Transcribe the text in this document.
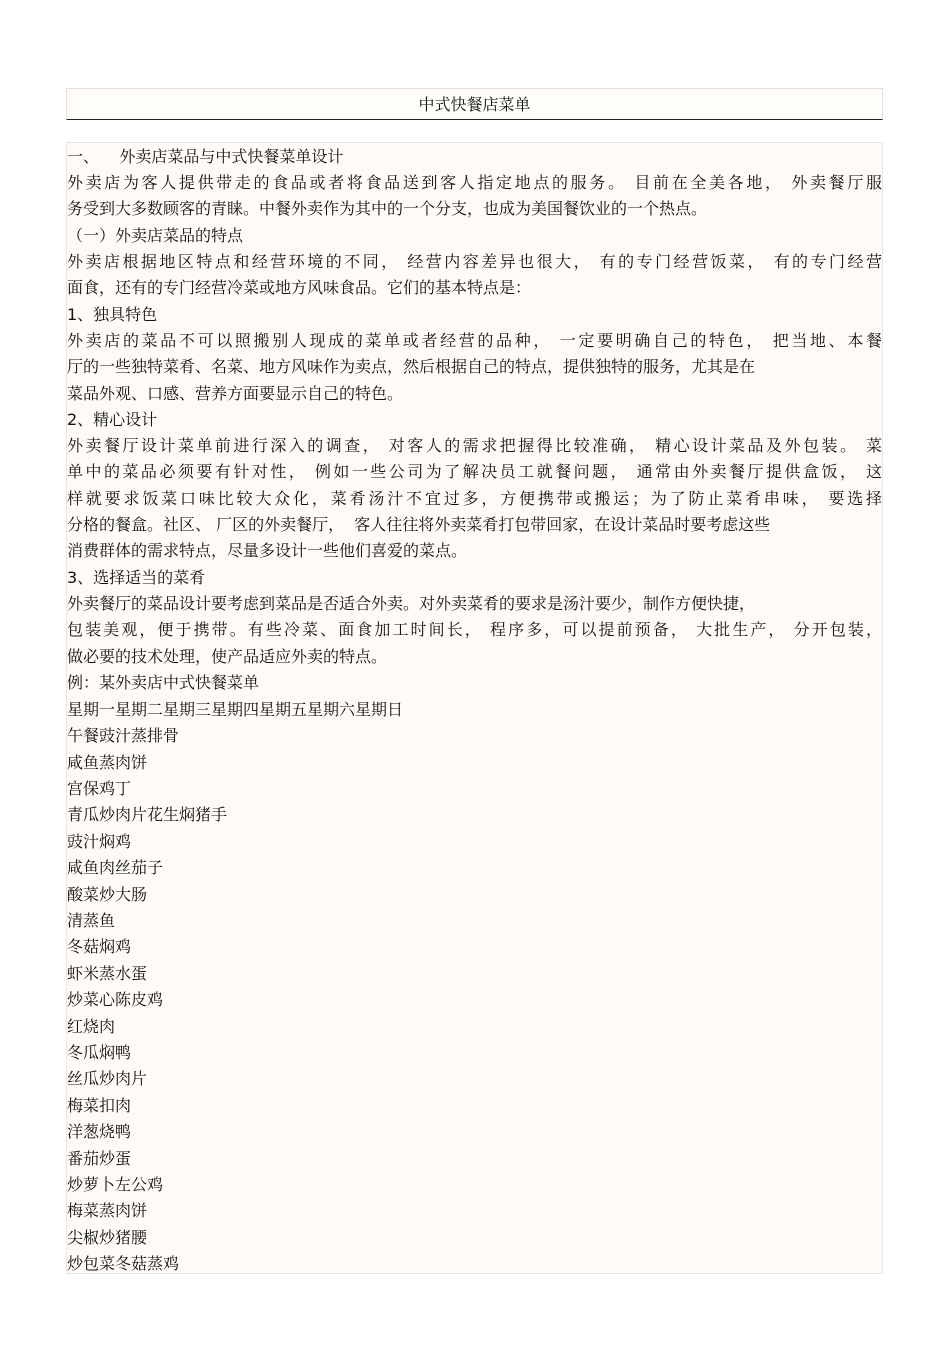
中式快餐店菜单
一、    外卖店菜品与中式快餐菜单设计
外卖店为客人提供带走的食品或者将食品送到客人指定地点的服务。 目前在全美各地， 外卖餐厅服
务受到大多数顾客的青睐。中餐外卖作为其中的一个分支，也成为美国餐饮业的一个热点。
（一）外卖店菜品的特点
外卖店根据地区特点和经营环境的不同， 经营内容差异也很大， 有的专门经营饭菜， 有的专门经营
面食，还有的专门经营冷菜或地方风味食品。它们的基本特点是：
1、独具特色
外卖店的菜品不可以照搬别人现成的菜单或者经营的品种， 一定要明确自己的特色， 把当地、本餐
厅的一些独特菜肴、名菜、地方风味作为卖点，然后根据自己的特点，提供独特的服务，尤其是在
菜品外观、口感、营养方面要显示自己的特色。
2、精心设计
外卖餐厅设计菜单前进行深入的调查， 对客人的需求把握得比较准确， 精心设计菜品及外包装。 菜
单中的菜品必须要有针对性， 例如一些公司为了解决员工就餐问题， 通常由外卖餐厅提供盒饭， 这
样就要求饭菜口味比较大众化，菜肴汤汁不宜过多，方便携带或搬运；为了防止菜肴串味， 要选择
分格的餐盒。社区、 厂区的外卖餐厅，  客人往往将外卖菜肴打包带回家，在设计菜品时要考虑这些
消费群体的需求特点，尽量多设计一些他们喜爱的菜点。
3、选择适当的菜肴
外卖餐厅的菜品设计要考虑到菜品是否适合外卖。对外卖菜肴的要求是汤汁要少，制作方便快捷，
包装美观，便于携带。有些冷菜、面食加工时间长， 程序多，可以提前预备， 大批生产， 分开包装，
做必要的技术处理，使产品适应外卖的特点。
例：某外卖店中式快餐菜单
星期一星期二星期三星期四星期五星期六星期日
午餐豉汁蒸排骨
咸鱼蒸肉饼
宫保鸡丁
青瓜炒肉片花生焖猪手
豉汁焖鸡
咸鱼肉丝茄子
酸菜炒大肠
清蒸鱼
冬菇焖鸡
虾米蒸水蛋
炒菜心陈皮鸡
红烧肉
冬瓜焖鸭
丝瓜炒肉片
梅菜扣肉
洋葱烧鸭
番茄炒蛋
炒萝卜左公鸡
梅菜蒸肉饼
尖椒炒猪腰
炒包菜冬菇蒸鸡
